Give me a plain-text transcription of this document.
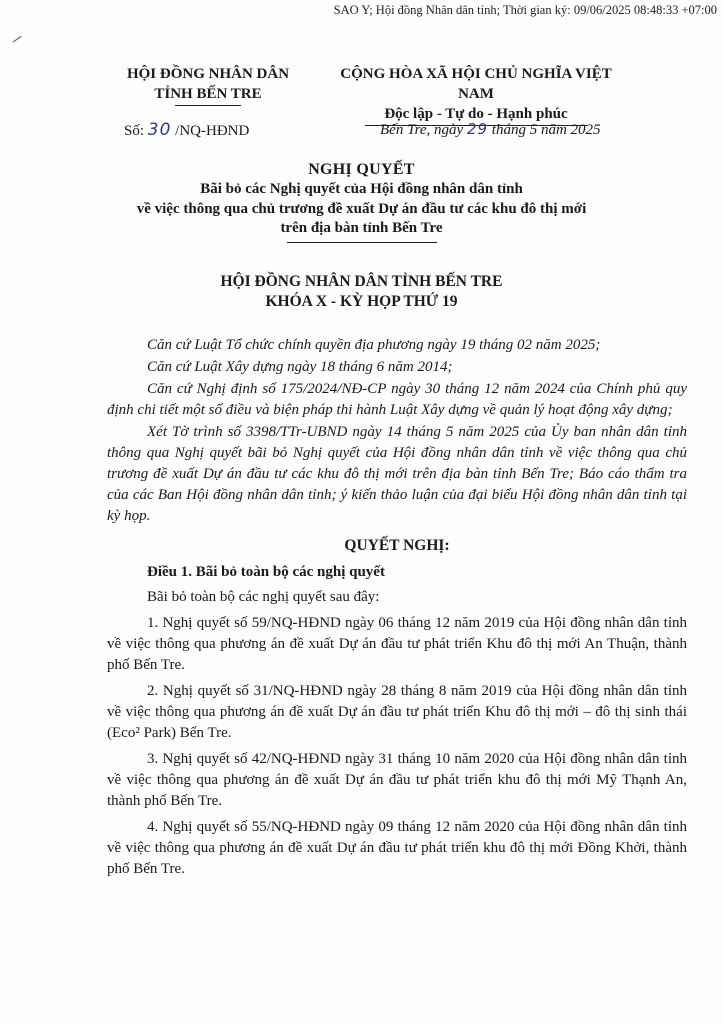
SAO Y; Hội đồng Nhân dân tỉnh; Thời gian ký: 09/06/2025 08:48:33 +07:00
HỘI ĐỒNG NHÂN DÂN
TỈNH BẾN TRE
CỘNG HÒA XÃ HỘI CHỦ NGHĨA VIỆT NAM
Độc lập - Tự do - Hạnh phúc
Số: 30 /NQ-HĐND	Bến Tre, ngày 29 tháng 5 năm 2025
NGHỊ QUYẾT
Bãi bỏ các Nghị quyết của Hội đồng nhân dân tỉnh
về việc thông qua chủ trương đề xuất Dự án đầu tư các khu đô thị mới
trên địa bàn tỉnh Bến Tre
HỘI ĐỒNG NHÂN DÂN TỈNH BẾN TRE
KHÓA X - KỲ HỌP THỨ 19

Căn cứ Luật Tổ chức chính quyền địa phương ngày 19 tháng 02 năm 2025;

Căn cứ Luật Xây dựng ngày 18 tháng 6 năm 2014;

Căn cứ Nghị định số 175/2024/NĐ-CP ngày 30 tháng 12 năm 2024 của Chính phủ quy định chi tiết một số điều và biện pháp thi hành Luật Xây dựng về quản lý hoạt động xây dựng;

Xét Tờ trình số 3398/TTr-UBND ngày 14 tháng 5 năm 2025 của Ủy ban nhân dân tỉnh thông qua Nghị quyết bãi bỏ Nghị quyết của Hội đồng nhân dân tỉnh về việc thông qua chủ trương đề xuất Dự án đầu tư các khu đô thị mới trên địa bàn tỉnh Bến Tre; Báo cáo thẩm tra của các Ban Hội đồng nhân dân tỉnh; ý kiến thảo luận của đại biểu Hội đồng nhân dân tỉnh tại kỳ họp.

QUYẾT NGHỊ:

Điều 1. Bãi bỏ toàn bộ các nghị quyết

Bãi bỏ toàn bộ các nghị quyết sau đây:

1. Nghị quyết số 59/NQ-HĐND ngày 06 tháng 12 năm 2019 của Hội đồng nhân dân tỉnh về việc thông qua phương án đề xuất Dự án đầu tư phát triển Khu đô thị mới An Thuận, thành phố Bến Tre.

2. Nghị quyết số 31/NQ-HĐND ngày 28 tháng 8 năm 2019 của Hội đồng nhân dân tỉnh về việc thông qua phương án đề xuất Dự án đầu tư phát triển Khu đô thị mới – đô thị sinh thái (Eco² Park) Bến Tre.

3. Nghị quyết số 42/NQ-HĐND ngày 31 tháng 10 năm 2020 của Hội đồng nhân dân tỉnh về việc thông qua phương án đề xuất Dự án đầu tư phát triển khu đô thị mới Mỹ Thạnh An, thành phố Bến Tre.

4. Nghị quyết số 55/NQ-HĐND ngày 09 tháng 12 năm 2020 của Hội đồng nhân dân tỉnh về việc thông qua phương án đề xuất Dự án đầu tư phát triển khu đô thị mới Đồng Khởi, thành phố Bến Tre.
